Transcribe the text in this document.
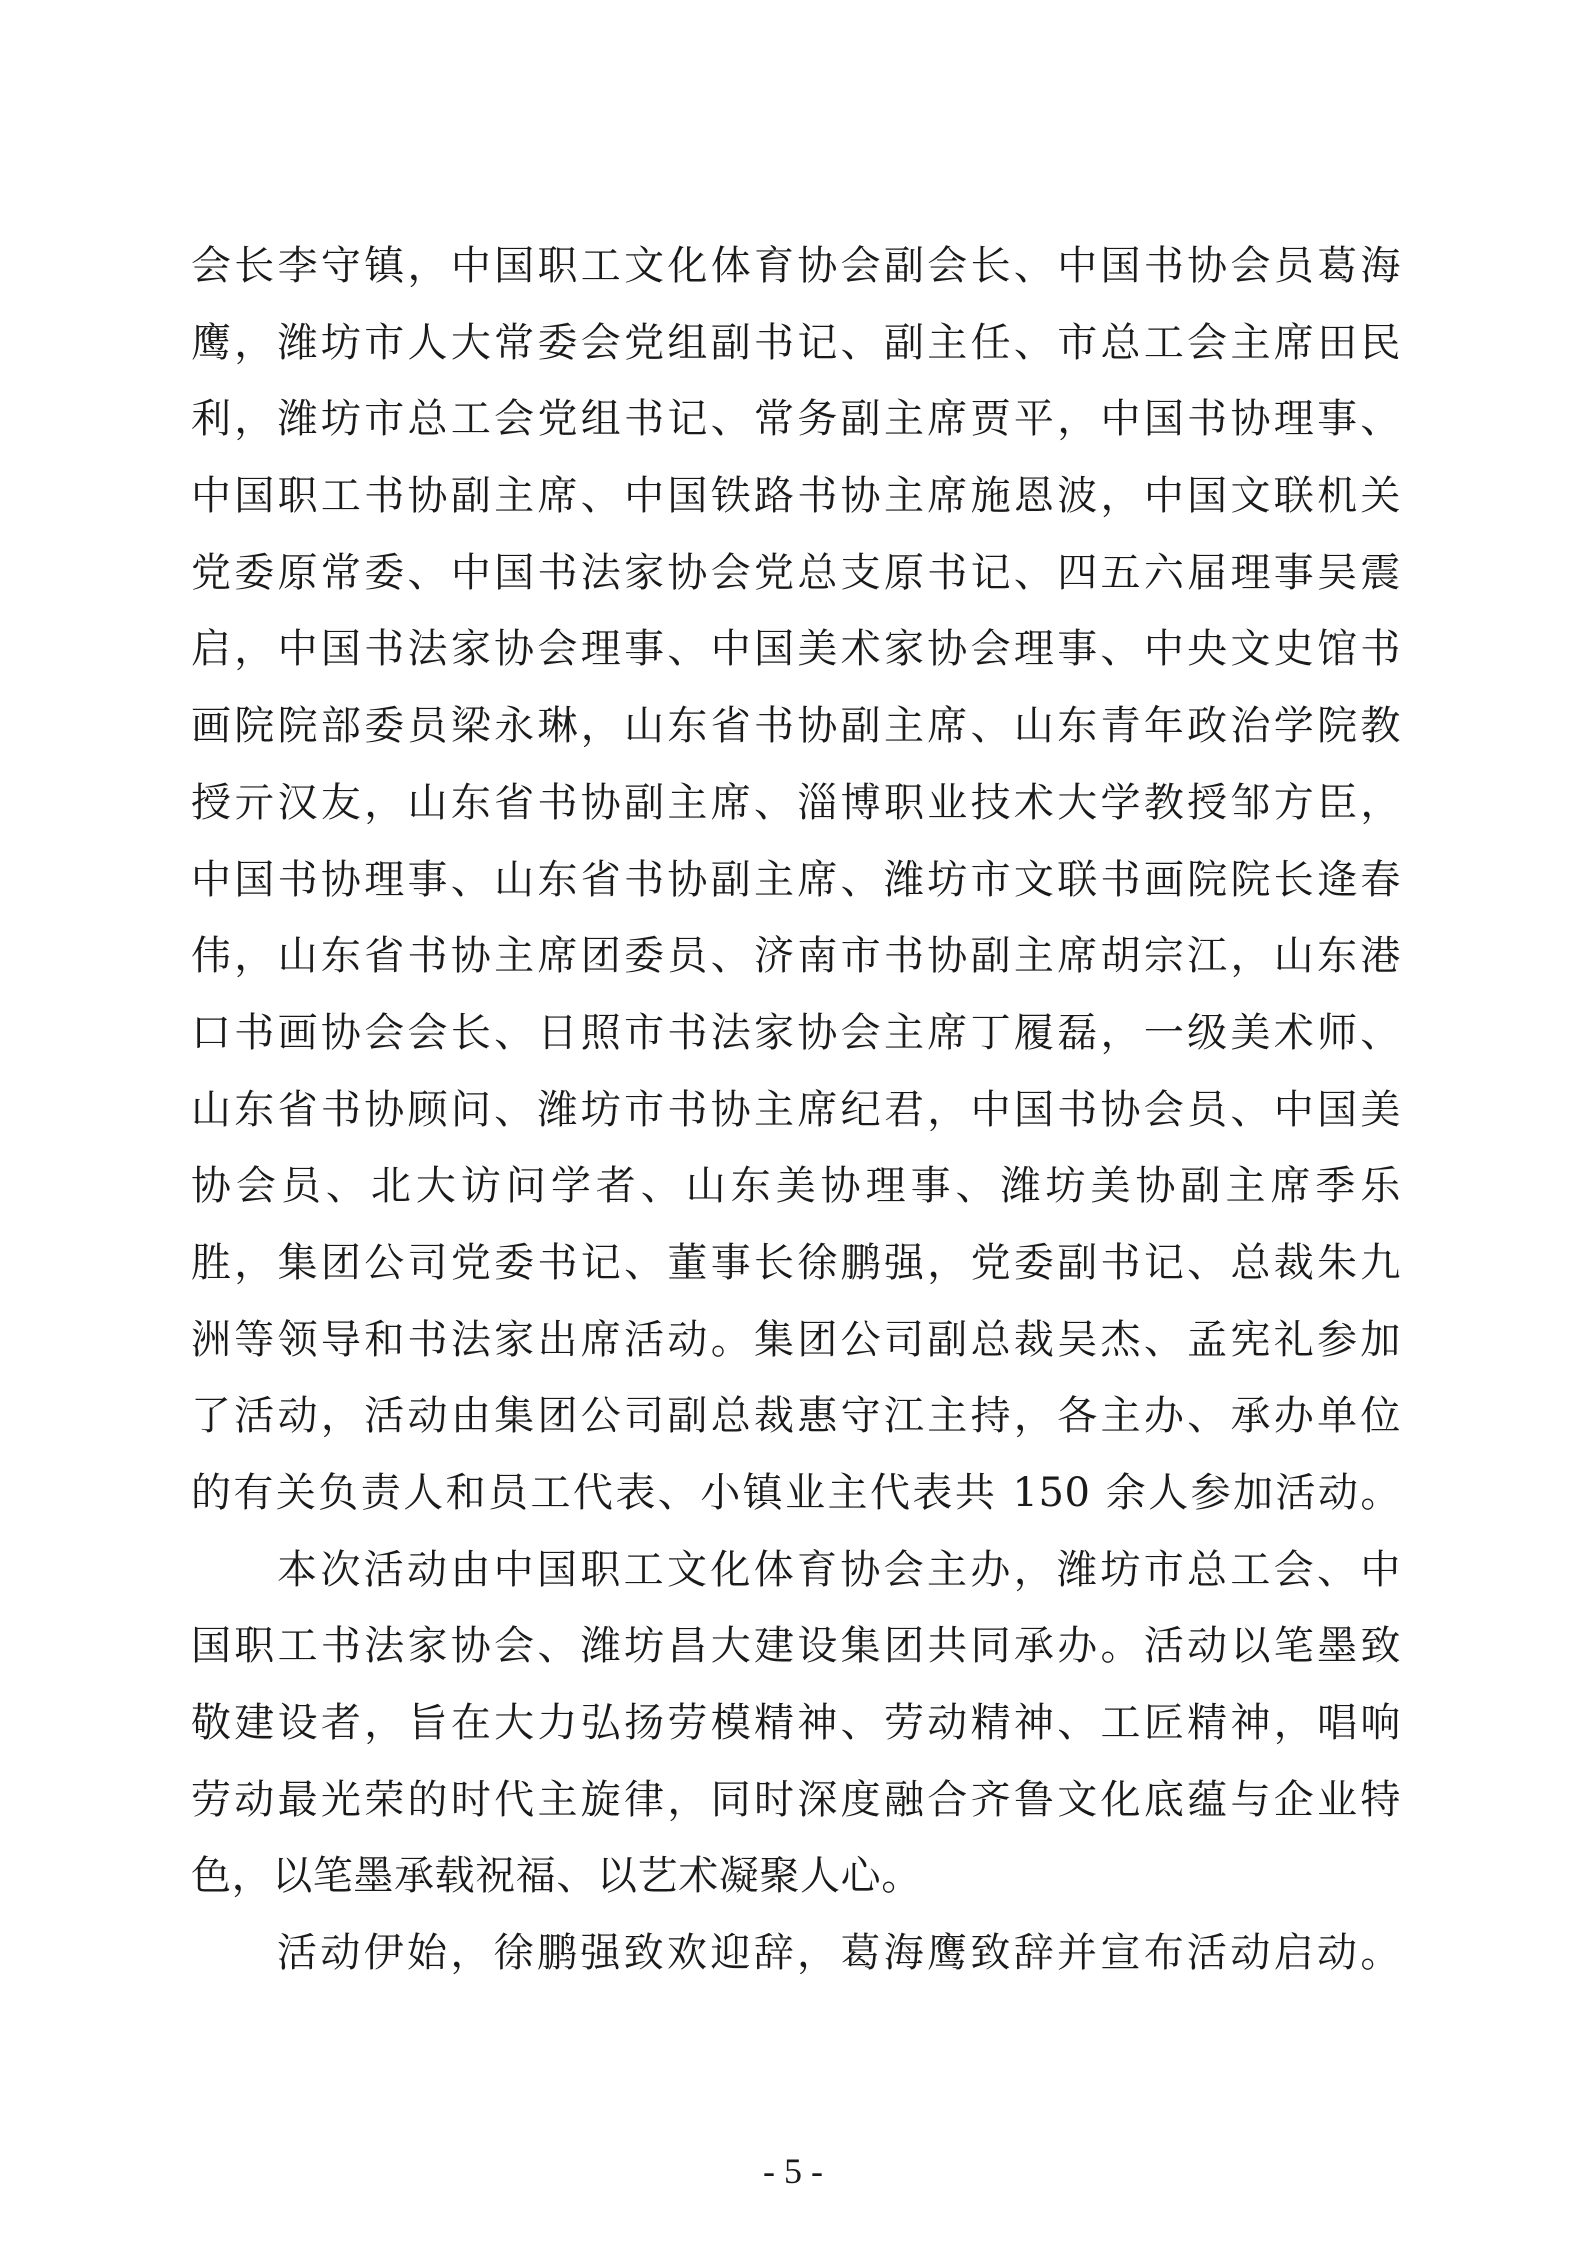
会长李守镇，中国职工文化体育协会副会长、中国书协会员葛海
鹰，潍坊市人大常委会党组副书记、副主任、市总工会主席田民
利，潍坊市总工会党组书记、常务副主席贾平，中国书协理事、
中国职工书协副主席、中国铁路书协主席施恩波，中国文联机关
党委原常委、中国书法家协会党总支原书记、四五六届理事吴震
启，中国书法家协会理事、中国美术家协会理事、中央文史馆书
画院院部委员梁永琳，山东省书协副主席、山东青年政治学院教
授亓汉友，山东省书协副主席、淄博职业技术大学教授邹方臣，
中国书协理事、山东省书协副主席、潍坊市文联书画院院长逄春
伟，山东省书协主席团委员、济南市书协副主席胡宗江，山东港
口书画协会会长、日照市书法家协会主席丁履磊，一级美术师、
山东省书协顾问、潍坊市书协主席纪君，中国书协会员、中国美
协会员、北大访问学者、山东美协理事、潍坊美协副主席季乐
胜，集团公司党委书记、董事长徐鹏强，党委副书记、总裁朱九
洲等领导和书法家出席活动。集团公司副总裁吴杰、孟宪礼参加
了活动，活动由集团公司副总裁惠守江主持，各主办、承办单位
的有关负责人和员工代表、小镇业主代表共 150 余人参加活动。
本次活动由中国职工文化体育协会主办，潍坊市总工会、中
国职工书法家协会、潍坊昌大建设集团共同承办。活动以笔墨致
敬建设者，旨在大力弘扬劳模精神、劳动精神、工匠精神，唱响
劳动最光荣的时代主旋律，同时深度融合齐鲁文化底蕴与企业特
色，以笔墨承载祝福、以艺术凝聚人心。
活动伊始，徐鹏强致欢迎辞，葛海鹰致辞并宣布活动启动。
- 5 -
